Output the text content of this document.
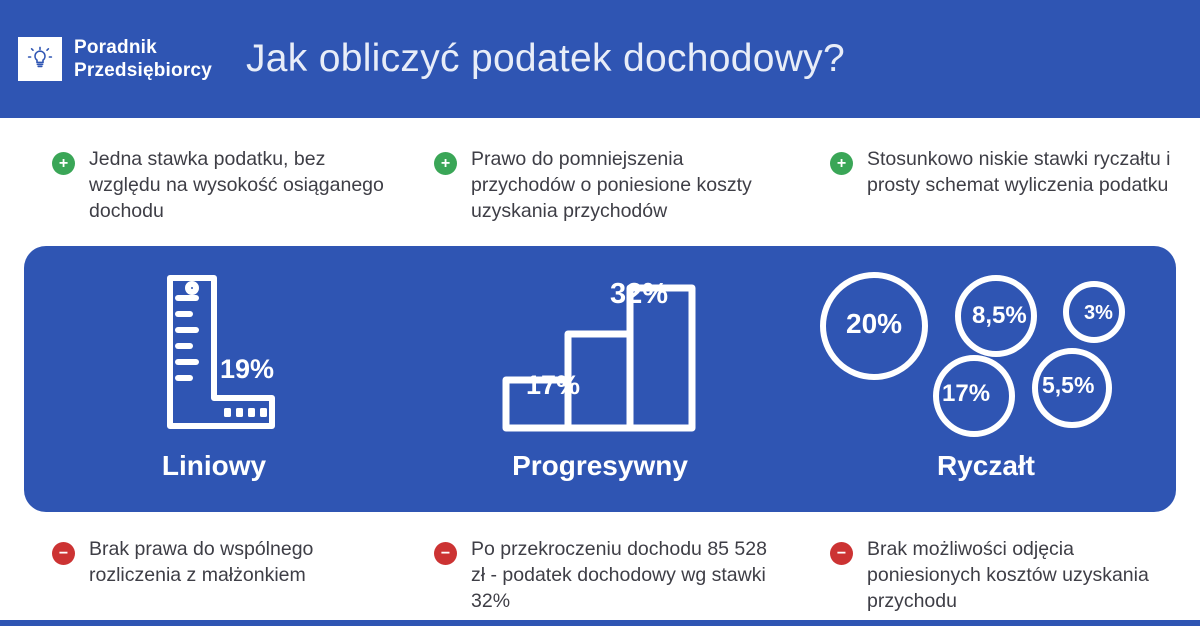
Poradnik
Przedsiębiorcy Jak obliczyć podatek dochodowy?
+	Jedna stawka podatku, bez względu na wysokość osiąganego dochodu
+	Prawo do pomniejszenia przychodów o poniesione koszty uzyskania przychodów
+	Stosunkowo niskie stawki ryczałtu i prosty schemat wyliczenia podatku
19%
Liniowy
17%
32%
Progresywny
20%	8,5%	3%
17% 5,5%
Ryczałt
−	Brak prawa do wspólnego rozliczenia z małżonkiem
−	Po przekroczeniu dochodu 85 528 zł - podatek dochodowy wg stawki 32%
−	Brak możliwości odjęcia poniesionych kosztów uzyskania przychodu
